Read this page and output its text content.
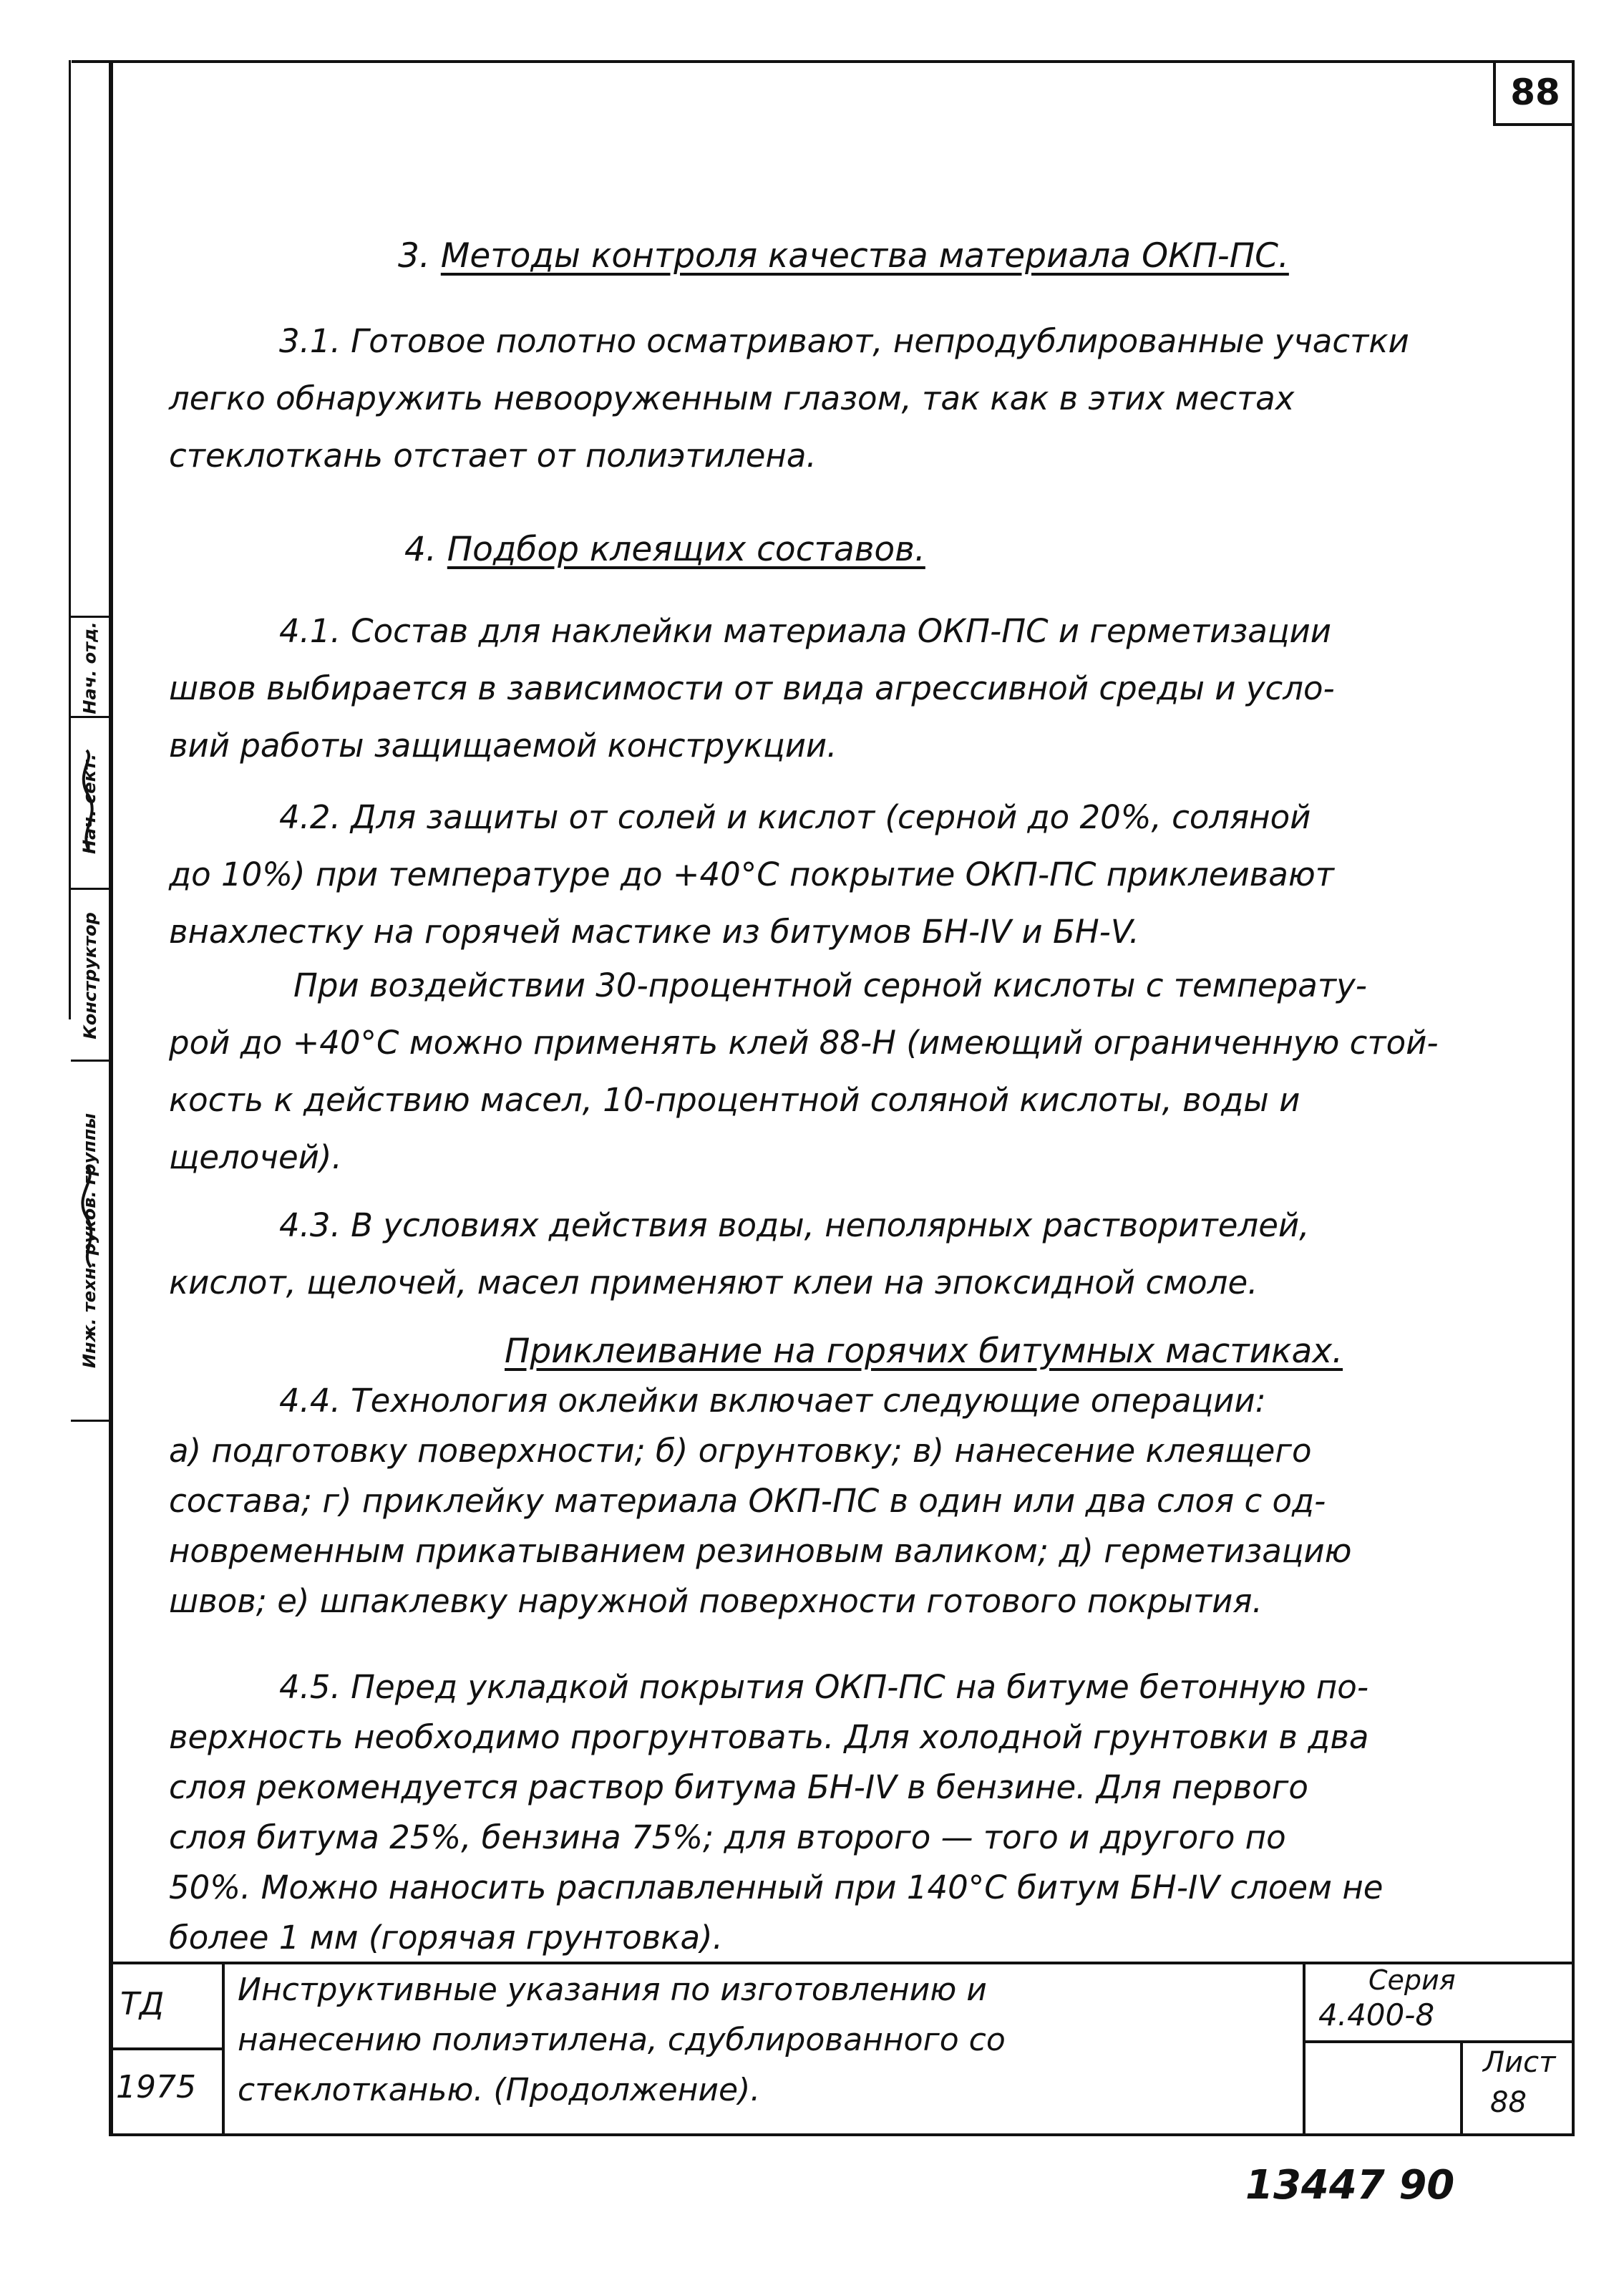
88
Нач. отд.
Нач. сект.
Конструктор
Инж. техн. руков. группы
3. Методы контроля качества материала ОКП-ПС.
3.1. Готовое полотно осматривают, непродублированные участки
легко обнаружить невооруженным глазом, так как в этих местах
стеклоткань отстает от полиэтилена.
4. Подбор клеящих составов.
4.1. Состав для наклейки материала ОКП-ПС и герметизации
швов выбирается в зависимости от вида агрессивной среды и усло-
вий работы защищаемой конструкции.
4.2. Для защиты от солей и кислот (серной до 20%, соляной
до 10%) при температуре до +40°С покрытие ОКП-ПС приклеивают
внахлестку на горячей мастике из битумов БН-IV и БН-V.
При воздействии 30-процентной серной кислоты с температу-
рой до +40°С можно применять клей 88-Н (имеющий ограниченную стой-
кость к действию масел, 10-процентной соляной кислоты, воды и
щелочей).
4.3. В условиях действия воды, неполярных растворителей,
кислот, щелочей, масел применяют клеи на эпоксидной смоле.
Приклеивание на горячих битумных мастиках.
4.4. Технология оклейки включает следующие операции:
а) подготовку поверхности; б) огрунтовку; в) нанесение клеящего
состава; г) приклейку материала ОКП-ПС в один или два слоя с од-
новременным прикатыванием резиновым валиком; д) герметизацию
швов; е) шпаклевку наружной поверхности готового покрытия.
4.5. Перед укладкой покрытия ОКП-ПС на битуме бетонную по-
верхность необходимо прогрунтовать. Для холодной грунтовки в два
слоя рекомендуется раствор битума БН-IV в бензине. Для первого
слоя битума 25%, бензина 75%; для второго — того и другого по
50%. Можно наносить расплавленный при 140°С битум БН-IV слоем не
ТД
1975
Инструктивные указания по изготовлению и
нанесению полиэтилена, сдублированного со
стеклотканью. (Продолжение).
Серия
4.400-8
Лист
88
13447 90
более 1 мм (горячая грунтовка).
